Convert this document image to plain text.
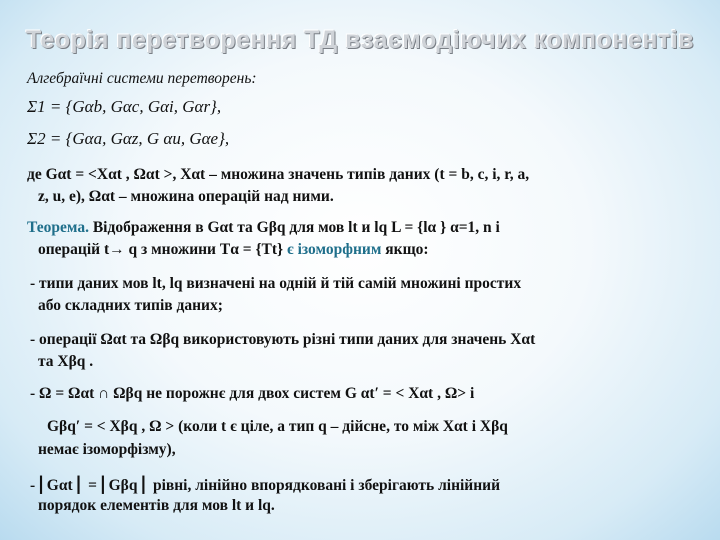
Теорія перетворення ТД взаємодіючих компонентів
Алгебраїчні системи перетворень:
Σ1 = {Gαb, Gαc, Gαi, Gαr},
Σ2 = {Gαa, Gαz, G αu, Gαe},
де Gαt = <Xαt , Ωαt >, Xαt – множина значень типів даних (t = b, c, i, r, a,
z, u, e), Ωαt – множина операцій над ними.
Теорема. Відображення в Gαt та Gβq для мов lt и lq L = {lα } α=1, n і
операцій t→ q з множини Tα = {Tt} є ізоморфним якщо:
- типи даних мов lt, lq визначені на одній й тій самій множині простих
або складних типів даних;
- операції Ωαt та Ωβq використовують різні типи даних для значень Xαt
та Xβq .
- Ω = Ωαt ∩ Ωβq не порожнє для двох систем G αt′ = < Xαt , Ω> і
Gβq′ = < Xβq , Ω > (коли t є ціле, а тип q – дійсне, то між Xαt і Xβq
немає ізоморфізму),
-⎪Gαt⎪ =⎪Gβq⎪ рівні, лінійно впорядковані і зберігають лінійний
порядок елементів для мов lt и lq.
